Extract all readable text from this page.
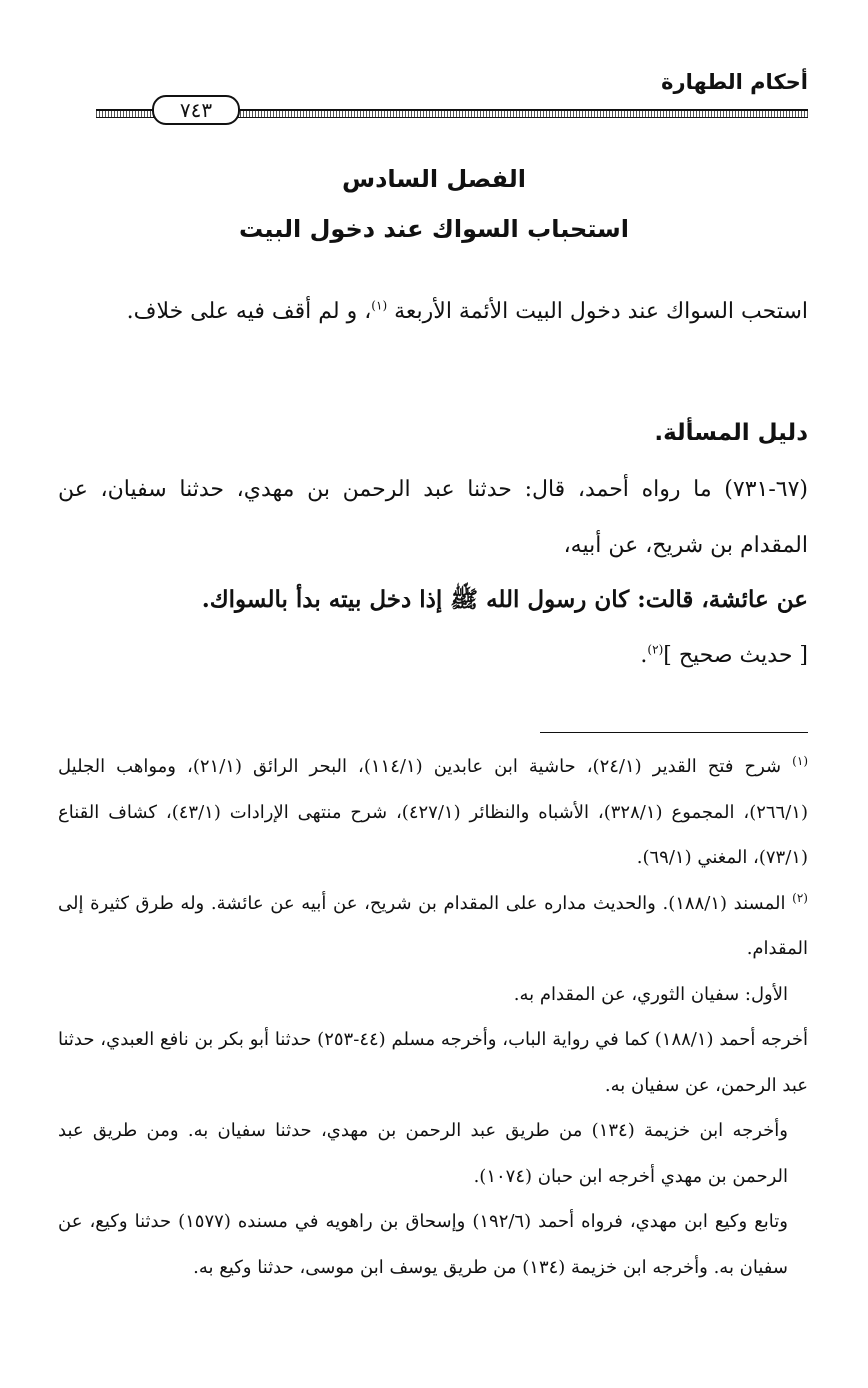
أحكام الطهارة
٧٤٣
الفصل السادس
استحباب السواك عند دخول البيت
استحب السواك عند دخول البيت الأئمة الأربعة $^{(١)}$، و لم أقف فيه على خلاف.
دليل المسألة.
(٦٧-٧٣١) ما رواه أحمد، قال: حدثنا عبد الرحمن بن مهدي، حدثنا سفيان، عن المقدام بن شريح، عن أبيه،
عن عائشة، قالت: كان رسول الله ﷺ إذا دخل بيته بدأ بالسواك.
[ حديث صحيح ]$^{(٢)}$.

$^{(١)}$ شرح فتح القدير (٢٤/١)، حاشية ابن عابدين (١١٤/١)، البحر الرائق (٢١/١)، ومواهب الجليل (٢٦٦/١)، المجموع (٣٢٨/١)، الأشباه والنظائر (٤٢٧/١)، شرح منتهى الإرادات (٤٣/١)، كشاف القناع (٧٣/١)، المغني (٦٩/١).

$^{(٢)}$ المسند (١٨٨/١). والحديث مداره على المقدام بن شريح، عن أبيه عن عائشة. وله طرق كثيرة إلى المقدام.

الأول: سفيان الثوري، عن المقدام به.

أخرجه أحمد (١٨٨/١) كما في رواية الباب، وأخرجه مسلم (٤٤-٢٥٣) حدثنا أبو بكر بن نافع العبدي، حدثنا عبد الرحمن، عن سفيان به.

وأخرجه ابن خزيمة (١٣٤) من طريق عبد الرحمن بن مهدي، حدثنا سفيان به. ومن طريق عبد الرحمن بن مهدي أخرجه ابن حبان (١٠٧٤).

وتابع وكيع ابن مهدي، فرواه أحمد (١٩٢/٦) وإسحاق بن راهويه في مسنده (١٥٧٧) حدثنا وكيع، عن سفيان به. وأخرجه ابن خزيمة (١٣٤) من طريق يوسف ابن موسى، حدثنا وكيع به.
